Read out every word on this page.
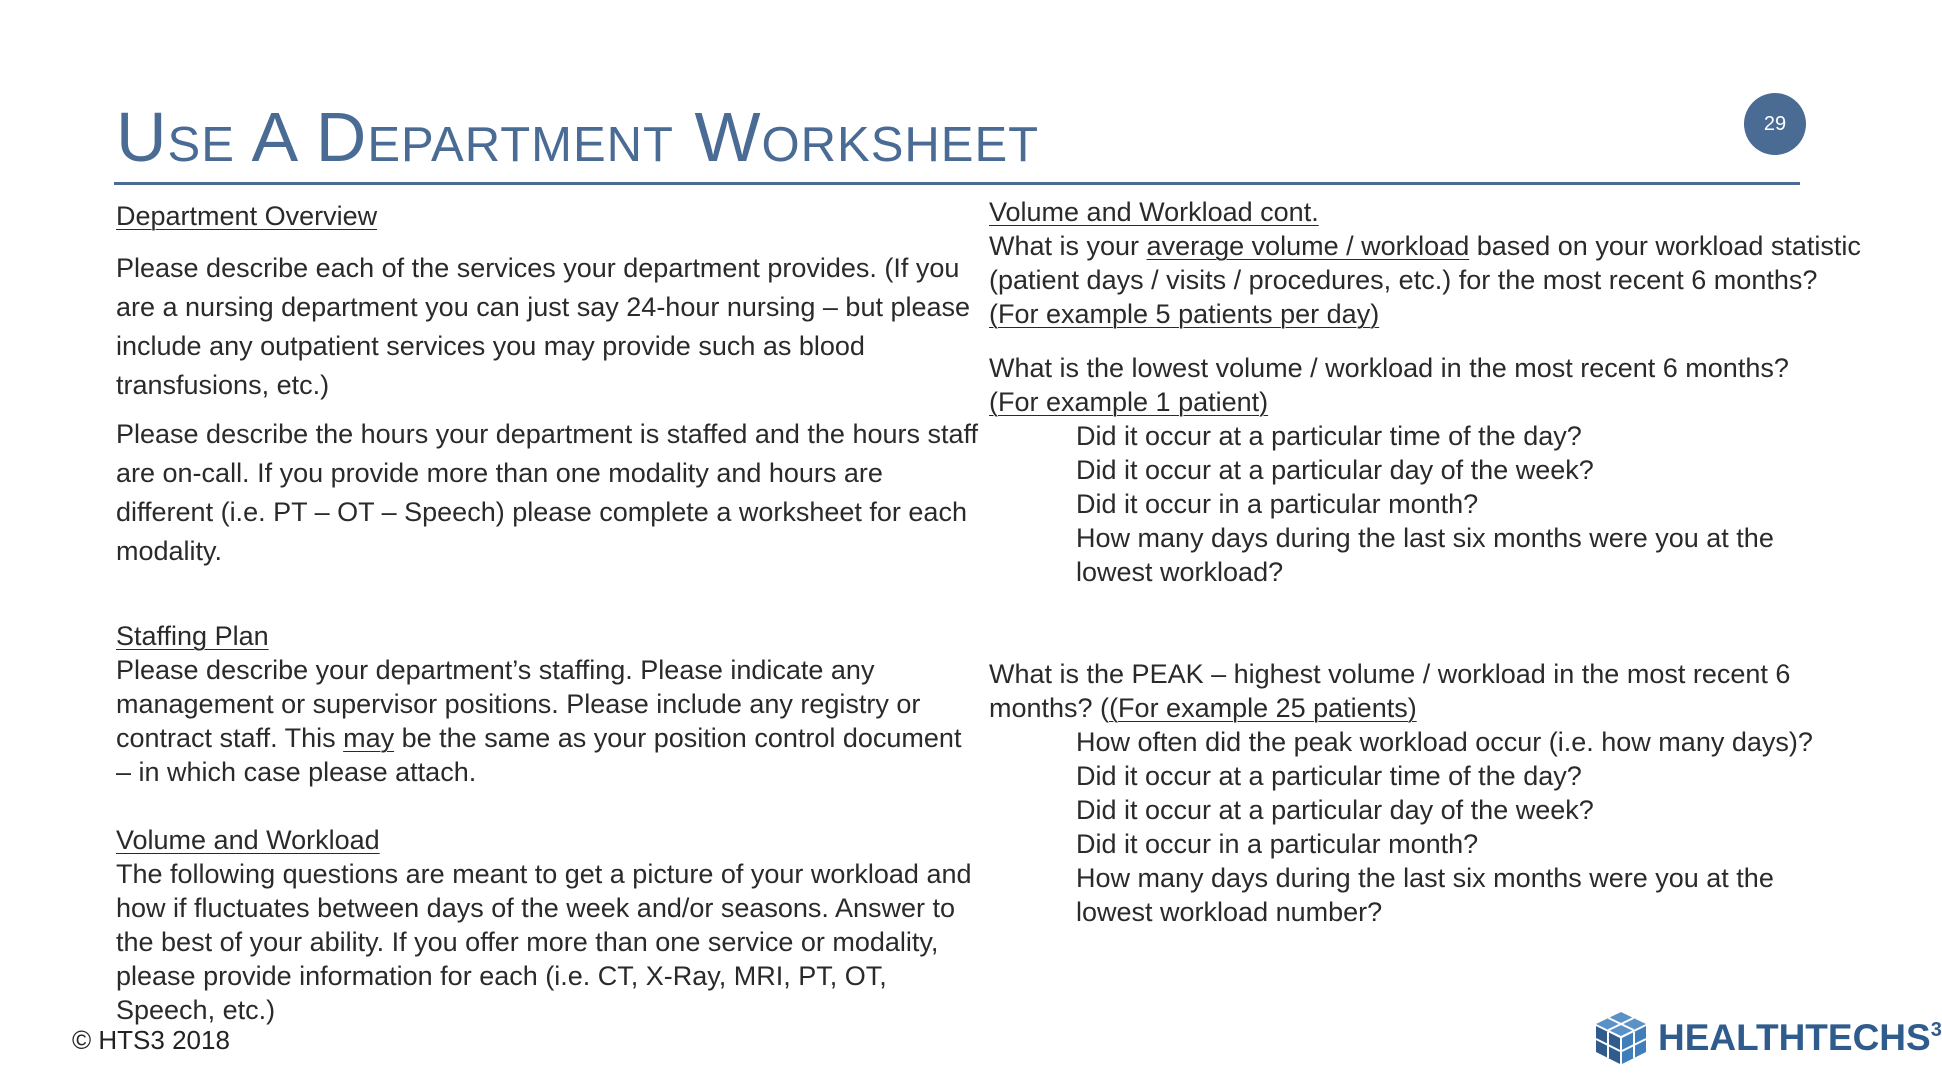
Use A Department Worksheet	29
Department Overview
Please describe each of the services your department provides. (If you are a nursing department you can just say 24-hour nursing – but please include any outpatient services you may provide such as blood transfusions, etc.)
Please describe the hours your department is staffed and the hours staff are on-call. If you provide more than one modality and hours are different (i.e. PT – OT – Speech) please complete a worksheet for each modality.
Staffing Plan
Please describe your department’s staffing. Please indicate any management or supervisor positions. Please include any registry or contract staff. This may be the same as your position control document – in which case please attach.
Volume and Workload
The following questions are meant to get a picture of your workload and how if fluctuates between days of the week and/or seasons. Answer to the best of your ability. If you offer more than one service or modality, please provide information for each (i.e. CT, X-Ray, MRI, PT, OT, Speech, etc.)
Volume and Workload cont.
What is your average volume / workload based on your workload statistic (patient days / visits / procedures, etc.) for the most recent 6 months? (For example 5 patients per day)
What is the lowest volume / workload in the most recent 6 months?
(For example 1 patient)
Did it occur at a particular time of the day?
Did it occur at a particular day of the week?
Did it occur in a particular month?
How many days during the last six months were you at the lowest workload?
What is the PEAK – highest volume / workload in the most recent 6 months? ((For example 25 patients)
How often did the peak workload occur (i.e. how many days)?
Did it occur at a particular time of the day?
Did it occur at a particular day of the week?
Did it occur in a particular month?
How many days during the last six months were you at the lowest workload number?
© HTS3 2018	HEALTHTECHS$^3$
